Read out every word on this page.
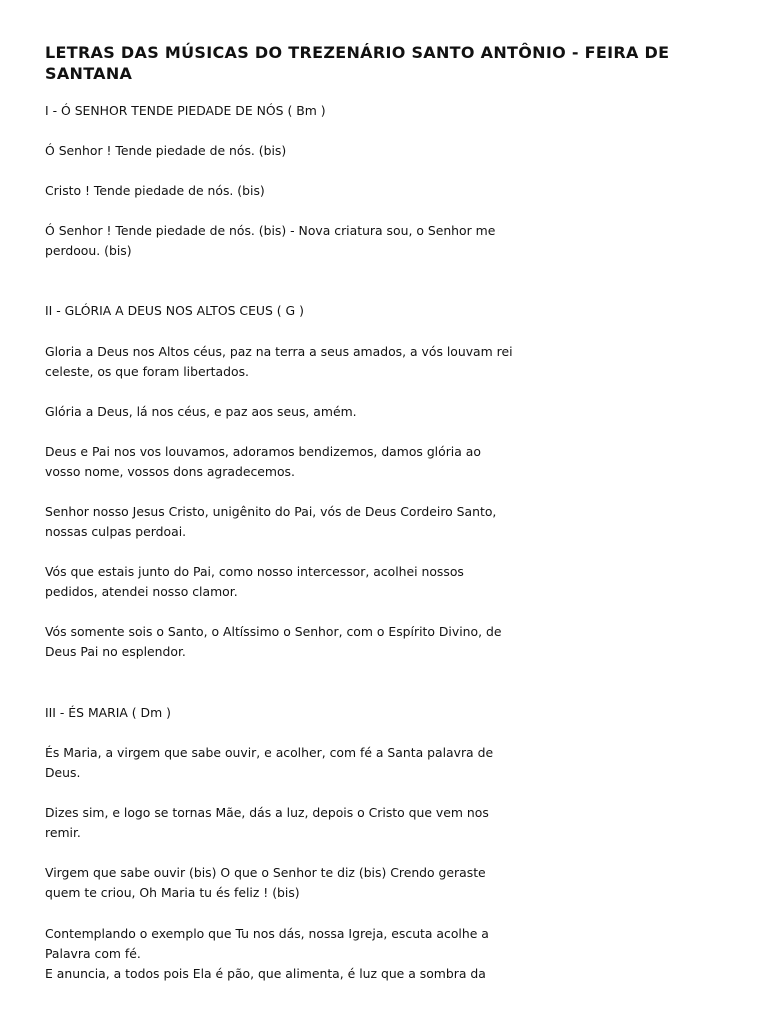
LETRAS DAS MÚSICAS DO TREZENÁRIO SANTO ANTÔNIO - FEIRA DE SANTANA

I - Ó SENHOR TENDE PIEDADE DE NÓS ( Bm )

Ó Senhor ! Tende piedade de nós. (bis)

Cristo ! Tende piedade de nós. (bis)

Ó Senhor ! Tende piedade de nós. (bis) - Nova criatura sou, o Senhor me

perdoou. (bis)

II - GLÓRIA A DEUS NOS ALTOS CEUS ( G )

Gloria a Deus nos Altos céus, paz na terra a seus amados, a vós louvam rei

celeste, os que foram libertados.

Glória a Deus, lá nos céus, e paz aos seus, amém.

Deus e Pai nos vos louvamos, adoramos bendizemos, damos glória ao

vosso nome, vossos dons agradecemos.

Senhor nosso Jesus Cristo, unigênito do Pai, vós de Deus Cordeiro Santo,

nossas culpas perdoai.

Vós que estais junto do Pai, como nosso intercessor, acolhei nossos

pedidos, atendei nosso clamor.

Vós somente sois o Santo, o Altíssimo o Senhor, com o Espírito Divino, de

Deus Pai no esplendor.

III - ÉS MARIA ( Dm )

És Maria, a virgem que sabe ouvir, e acolher, com fé a Santa palavra de

Deus.

Dizes sim, e logo se tornas Mãe, dás a luz, depois o Cristo que vem nos

remir.

Virgem que sabe ouvir (bis) O que o Senhor te diz (bis) Crendo geraste

quem te criou, Oh Maria tu és feliz ! (bis)

Contemplando o exemplo que Tu nos dás, nossa Igreja, escuta acolhe a

Palavra com fé.

E anuncia, a todos pois Ela é pão, que alimenta, é luz que a sombra da
